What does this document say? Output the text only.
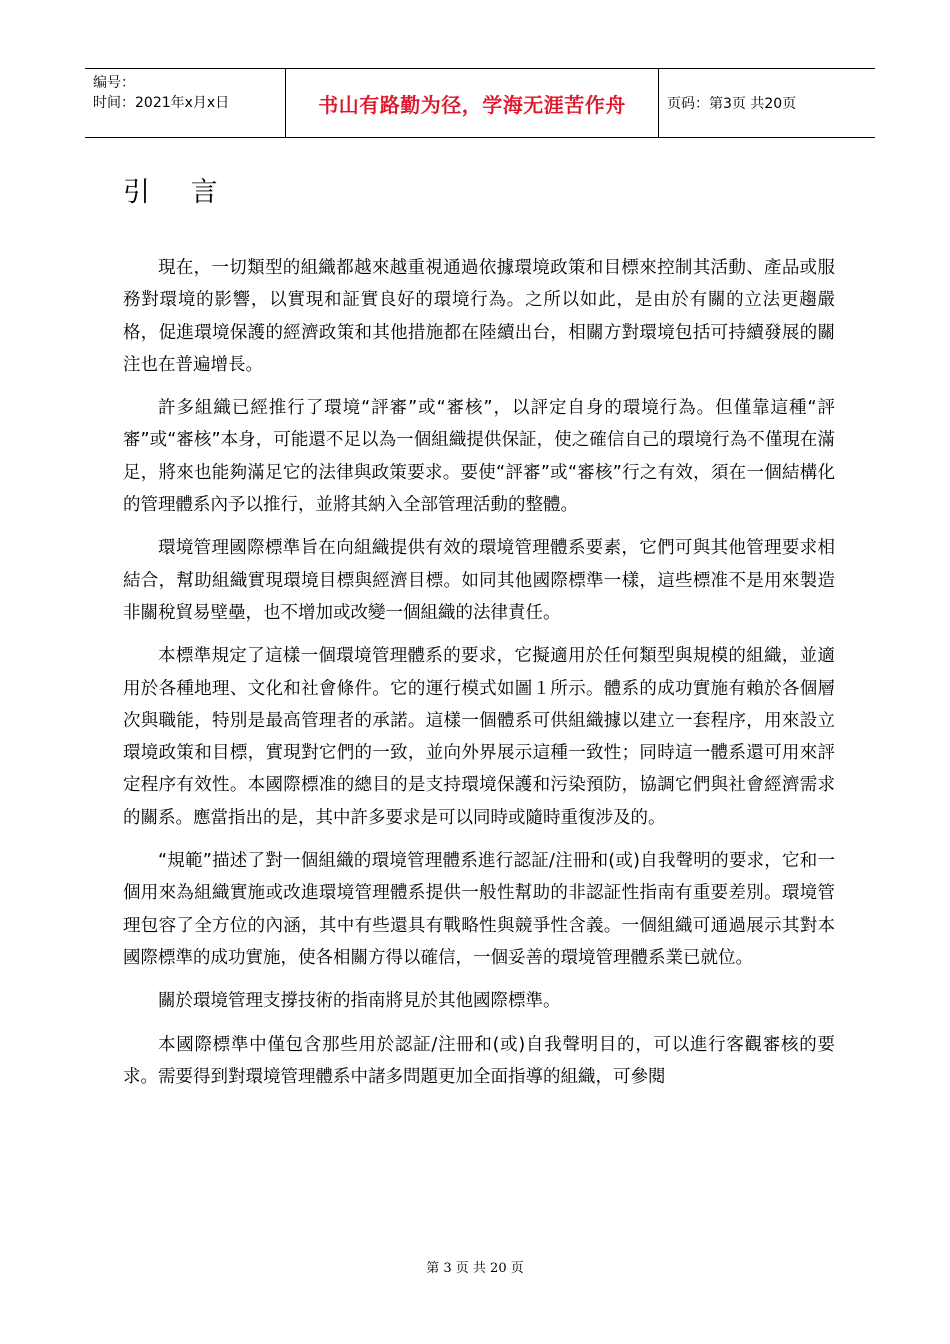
编号：
时间：2021年x月x日	书山有路勤为径，学海无涯苦作舟	页码：第3页 共20页
引 言

現在，一切類型的組織都越來越重視通過依據環境政策和目標來控制其活動、產品或服務對環境的影響，以實現和証實良好的環境行為。之所以如此，是由於有關的立法更趨嚴格，促進環境保護的經濟政策和其他措施都在陸續出台，相關方對環境包括可持續發展的關注也在普遍增長。

許多組織已經推行了環境“評審”或“審核”，以評定自身的環境行為。但僅靠這種“評審”或“審核”本身，可能還不足以為一個組織提供保証，使之確信自己的環境行為不僅現在滿足，將來也能夠滿足它的法律與政策要求。要使“評審”或“審核”行之有效，須在一個結構化的管理體系內予以推行，並將其納入全部管理活動的整體。

環境管理國際標準旨在向組織提供有效的環境管理體系要素，它們可與其他管理要求相結合，幫助組織實現環境目標與經濟目標。如同其他國際標準一樣，這些標准不是用來製造非關稅貿易壁壘，也不增加或改變一個組織的法律責任。

本標準規定了這樣一個環境管理體系的要求，它擬適用於任何類型與規模的組織，並適用於各種地理、文化和社會條件。它的運行模式如圖１所示。體系的成功實施有賴於各個層次與職能，特別是最高管理者的承諾。這樣一個體系可供組織據以建立一套程序，用來設立環境政策和目標，實現對它們的一致，並向外界展示這種一致性；同時這一體系還可用來評定程序有效性。本國際標准的總目的是支持環境保護和污染預防，協調它們與社會經濟需求的關系。應當指出的是，其中許多要求是可以同時或隨時重復涉及的。

“規範”描述了對一個組織的環境管理體系進行認証/注冊和(或)自我聲明的要求，它和一個用來為組織實施或改進環境管理體系提供一般性幫助的非認証性指南有重要差別。環境管理包容了全方位的內涵，其中有些還具有戰略性與競爭性含義。一個組織可通過展示其對本國際標準的成功實施，使各相關方得以確信，一個妥善的環境管理體系業已就位。

關於環境管理支撐技術的指南將見於其他國際標準。

本國際標準中僅包含那些用於認証/注冊和(或)自我聲明目的，可以進行客觀審核的要求。需要得到對環境管理體系中諸多問題更加全面指導的組織，可參閱

第 3 页 共 20 页
